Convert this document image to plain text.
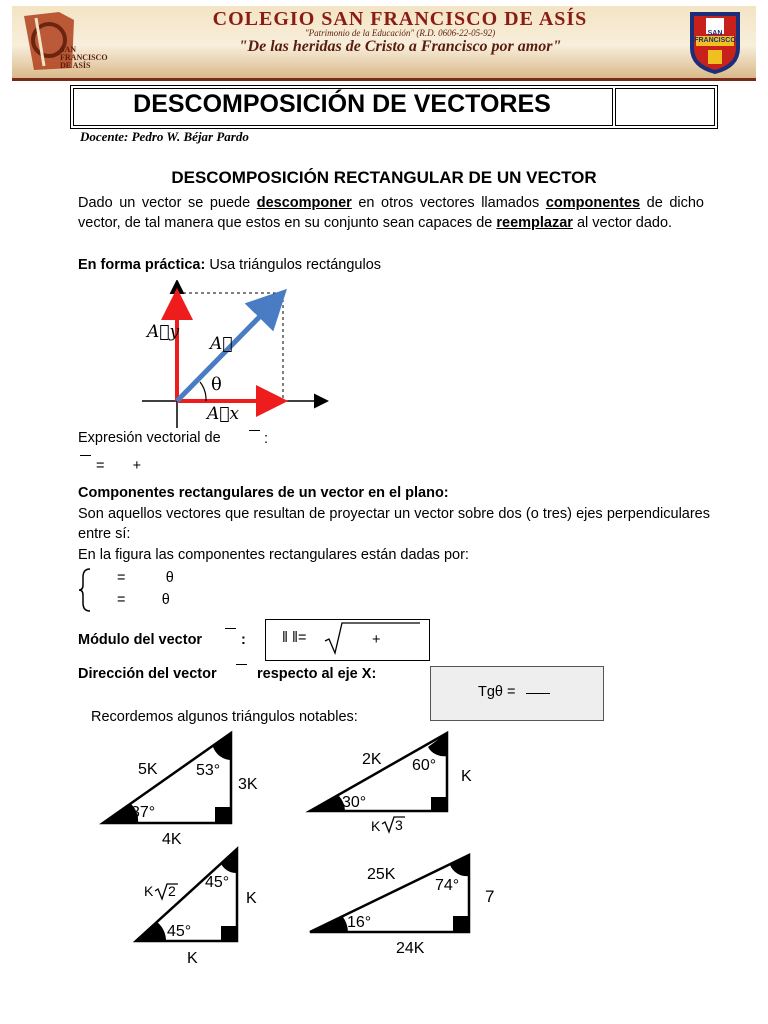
SAN FRANCISCO DE ASÍS
COLEGIO SAN FRANCISCO DE ASÍS
"Patrimonio de la Educación" (R.D. 0606-22-05-92)
"De las heridas de Cristo a Francisco por amor"
SAN FRANCISCO
DESCOMPOSICIÓN DE VECTORES
Docente: Pedro W. Béjar Pardo
DESCOMPOSICIÓN RECTANGULAR DE UN VECTOR
Dado un vector se puede descomponer en otros vectores llamados componentes de dicho vector, de tal manera que estos en su conjunto sean capaces de reemplazar al vector dado.
En forma práctica: Usa triángulos rectángulos
A⃗y
A⃗
θ
A⃗x
Expresión vectorial de	:
=       +
Componentes rectangulares de un vector en el plano:
Son aquellos vectores que resultan de proyectar un vector sobre dos (o tres) ejes perpendiculares entre sí:
En la figura las componentes rectangulares están dadas por:
=          θ
=         θ
Módulo del vector	: ‖ ‖=	+
Dirección del vector	respecto al eje X:
Tgθ =
Recordemos algunos triángulos notables:
5K 53°
3K
37°
4K
2K 60°
K
30°
K 3
K 2 45°
K
45°
K
25K
74°
7
16°
24K
